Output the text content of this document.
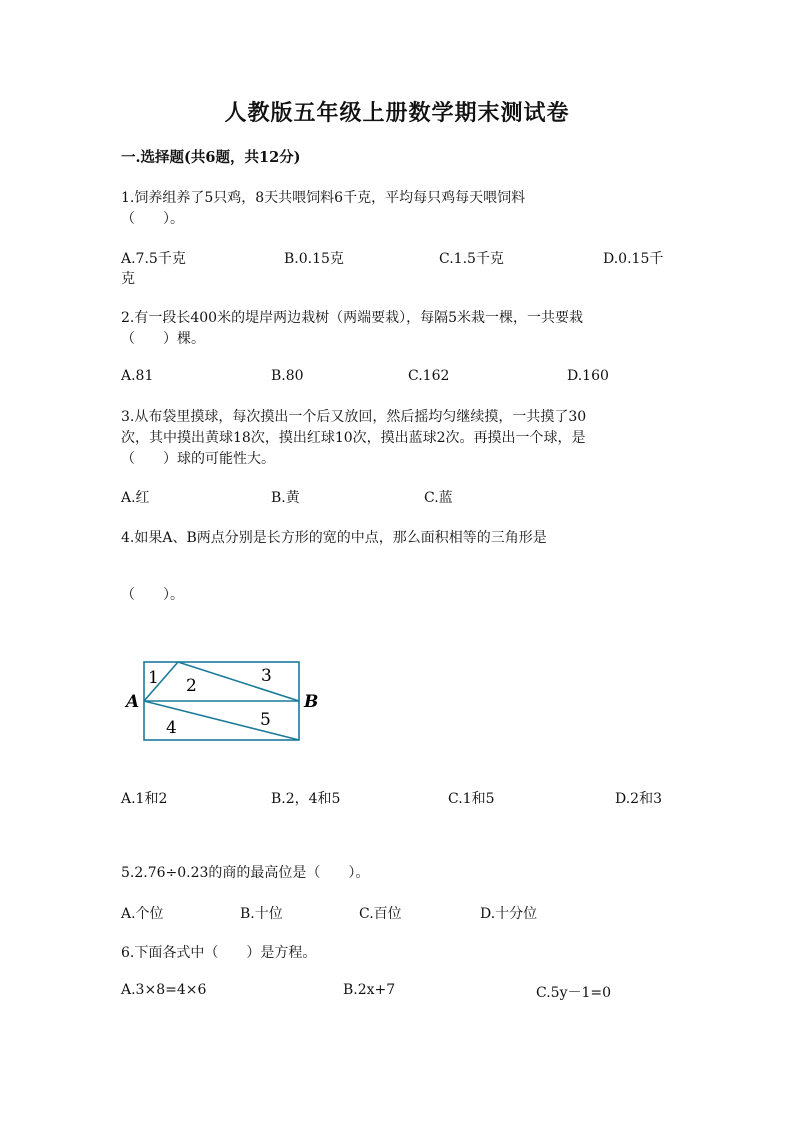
人教版五年级上册数学期末测试卷
一.选择题(共6题，共12分)
1.饲养组养了5只鸡，8天共喂饲料6千克，平均每只鸡每天喂饲料
（　　）。
A.7.5千克	B.0.15克	C.1.5千克	D.0.15千
克
2.有一段长400米的堤岸两边栽树（两端要栽），每隔5米栽一棵，一共要栽
（　　）棵。
A.81	B.80	C.162	D.160
3.从布袋里摸球，每次摸出一个后又放回，然后摇均匀继续摸，一共摸了30
次，其中摸出黄球18次，摸出红球10次，摸出蓝球2次。再摸出一个球，是
（　　）球的可能性大。
A.红	B.黄	C.蓝
4.如果A、B两点分别是长方形的宽的中点，那么面积相等的三角形是
（　　）。
A	B
1 2	3
4	5
A.1和2	B.2，4和5	C.1和5	D.2和3
5.2.76÷0.23的商的最高位是（　　）。
A.个位	B.十位	C.百位	D.十分位
6.下面各式中（　　）是方程。
A.3×8=4×6	B.2x+7	C.5y－1=0
